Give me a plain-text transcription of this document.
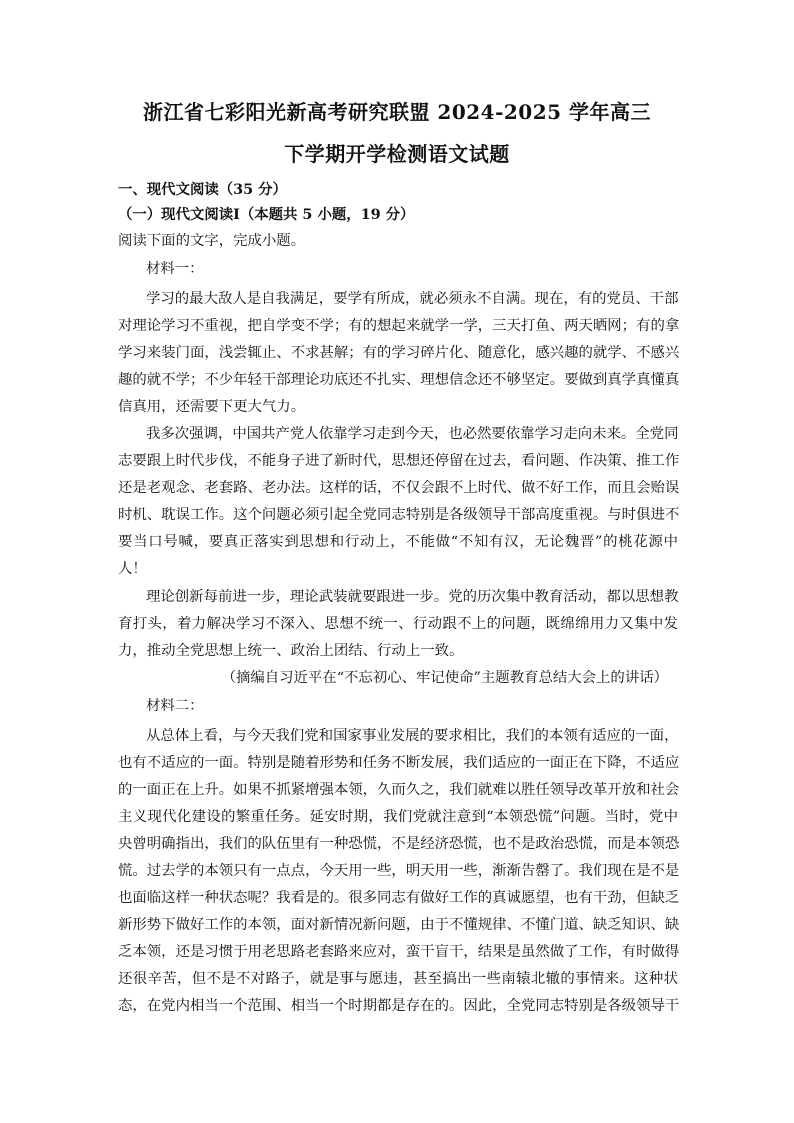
浙江省七彩阳光新高考研究联盟 2024-2025 学年高三
下学期开学检测语文试题
一、现代文阅读（35 分）
（一）现代文阅读Ⅰ（本题共 5 小题，19 分）
阅读下面的文字，完成小题。
材料一：
学习的最大敌人是自我满足，要学有所成，就必须永不自满。现在，有的党员、干部
对理论学习不重视，把自学变不学；有的想起来就学一学，三天打鱼、两天晒网；有的拿
学习来装门面，浅尝辄止、不求甚解；有的学习碎片化、随意化，感兴趣的就学、不感兴
趣的就不学；不少年轻干部理论功底还不扎实、理想信念还不够坚定。要做到真学真懂真
信真用，还需要下更大气力。
我多次强调，中国共产党人依靠学习走到今天，也必然要依靠学习走向未来。全党同
志要跟上时代步伐，不能身子进了新时代，思想还停留在过去，看问题、作决策、推工作
还是老观念、老套路、老办法。这样的话，不仅会跟不上时代、做不好工作，而且会贻误
时机、耽误工作。这个问题必须引起全党同志特别是各级领导干部高度重视。与时俱进不
要当口号喊，要真正落实到思想和行动上，不能做“不知有汉，无论魏晋”的桃花源中
人！
理论创新每前进一步，理论武装就要跟进一步。党的历次集中教育活动，都以思想教
育打头，着力解决学习不深入、思想不统一、行动跟不上的问题，既绵绵用力又集中发
力，推动全党思想上统一、政治上团结、行动上一致。
（摘编自习近平在“不忘初心、牢记使命”主题教育总结大会上的讲话）
材料二：
从总体上看，与今天我们党和国家事业发展的要求相比，我们的本领有适应的一面，
也有不适应的一面。特别是随着形势和任务不断发展，我们适应的一面正在下降，不适应
的一面正在上升。如果不抓紧增强本领，久而久之，我们就难以胜任领导改革开放和社会
主义现代化建设的繁重任务。延安时期，我们党就注意到“本领恐慌”问题。当时，党中
央曾明确指出，我们的队伍里有一种恐慌，不是经济恐慌，也不是政治恐慌，而是本领恐
慌。过去学的本领只有一点点，今天用一些，明天用一些，渐渐告罄了。我们现在是不是
也面临这样一种状态呢？我看是的。很多同志有做好工作的真诚愿望，也有干劲，但缺乏
新形势下做好工作的本领，面对新情况新问题，由于不懂规律、不懂门道、缺乏知识、缺
乏本领，还是习惯于用老思路老套路来应对，蛮干盲干，结果是虽然做了工作，有时做得
还很辛苦，但不是不对路子，就是事与愿违，甚至搞出一些南辕北辙的事情来。这种状
态，在党内相当一个范围、相当一个时期都是存在的。因此，全党同志特别是各级领导干
